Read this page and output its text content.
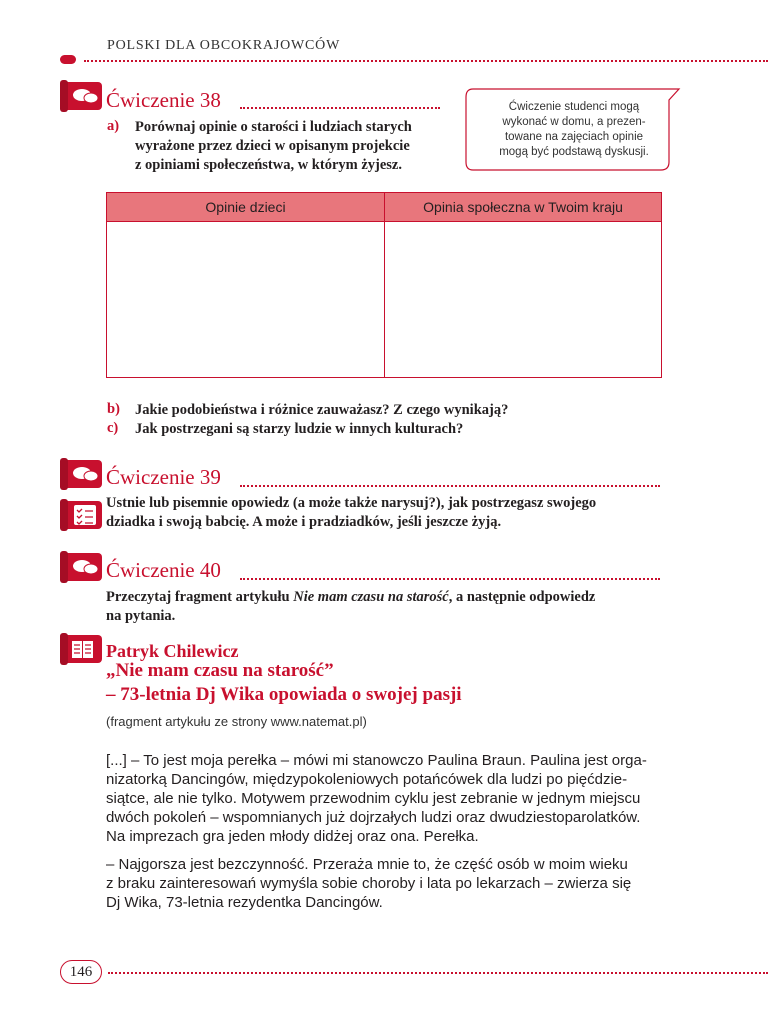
POLSKI DLA OBCOKRAJOWCÓW
Ćwiczenie 38
a) Porównaj opinie o starości i ludziach starych
wyrażone przez dzieci w opisanym projekcie
z opiniami społeczeństwa, w którym żyjesz.
Ćwiczenie studenci mogą
wykonać w domu, a prezen-
towane na zajęciach opinie
mogą być podstawą dyskusji.
Opinie dzieci	Opinia społeczna w Twoim kraju

b) Jakie podobieństwa i różnice zauważasz? Z czego wynikają?
c) Jak postrzegani są starzy ludzie w innych kulturach?
Ćwiczenie 39
Ustnie lub pisemnie opowiedz (a może także narysuj?), jak postrzegasz swojego
dziadka i swoją babcię. A może i pradziadków, jeśli jeszcze żyją.
Ćwiczenie 40
Przeczytaj fragment artykułu Nie mam czasu na starość, a następnie odpowiedz
na pytania.
Patryk Chilewicz
„Nie mam czasu na starość”
– 73-letnia Dj Wika opowiada o swojej pasji
(fragment artykułu ze strony www.natemat.pl)
[...] – To jest moja perełka – mówi mi stanowczo Paulina Braun. Paulina jest orga-
nizatorką Dancingów, międzypokoleniowych potańcówek dla ludzi po pięćdzie-
siątce, ale nie tylko. Motywem przewodnim cyklu jest zebranie w jednym miejscu
dwóch pokoleń – wspomnianych już dojrzałych ludzi oraz dwudziestoparolatków.
Na imprezach gra jeden młody didżej oraz ona. Perełka.
– Najgorsza jest bezczynność. Przeraża mnie to, że część osób w moim wieku
z braku zainteresowań wymyśla sobie choroby i lata po lekarzach – zwierza się
Dj Wika, 73-letnia rezydentka Dancingów.
146
